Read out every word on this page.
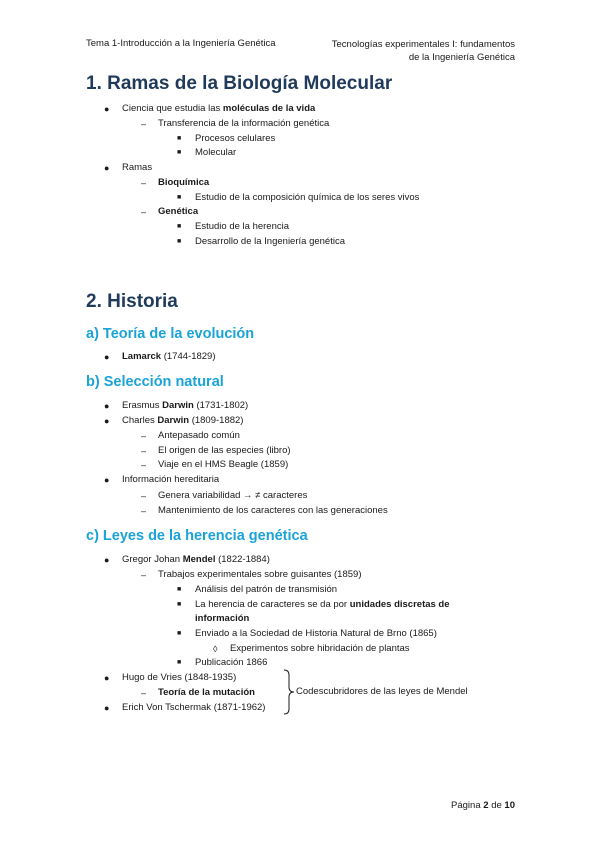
Tema 1-Introducción a la Ingeniería Genética	Tecnologías experimentales I: fundamentos
de la Ingeniería Genética
1. Ramas de la Biología Molecular
● Ciencia que estudia las moléculas de la vida
– Transferencia de la información genética
■ Procesos celulares
■ Molecular
● Ramas
– Bioquímica
■ Estudio de la composición química de los seres vivos
– Genética
■ Estudio de la herencia
■ Desarrollo de la Ingeniería genética
2. Historia
a) Teoría de la evolución
● Lamarck (1744-1829)
b) Selección natural
● Erasmus Darwin (1731-1802)
● Charles Darwin (1809-1882)
– Antepasado común
– El origen de las especies (libro)
– Viaje en el HMS Beagle (1859)
● Información hereditaria
– Genera variabilidad → ≠ caracteres
– Mantenimiento de los caracteres con las generaciones
c) Leyes de la herencia genética
● Gregor Johan Mendel (1822-1884)
– Trabajos experimentales sobre guisantes (1859)
■ Análisis del patrón de transmisión
■ La herencia de caracteres se da por unidades discretas de
información
■ Enviado a la Sociedad de Historia Natural de Brno (1865)
◊ Experimentos sobre hibridación de plantas
■ Publicación 1866
● Hugo de Vries (1848-1935)
– Teoría de la mutación
● Erich Von Tschermak (1871-1962)
Codescubridores de las leyes de Mendel
Página 2 de 10
